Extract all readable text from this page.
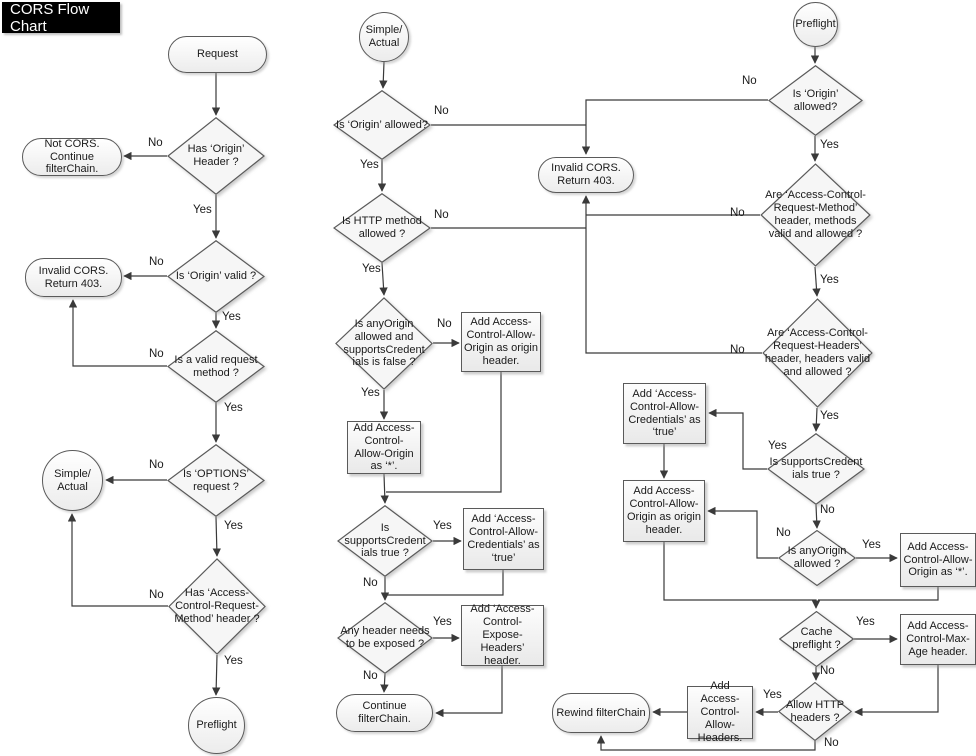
CORS Flow Chart
Request
Has ‘Origin’ Header ?
Not CORS. Continue filterChain.
Is ‘Origin’ valid ?
Invalid CORS. Return 403.
Is a valid request method ?
Is ‘OPTIONS’ request ?
Simple/ Actual
Has ‘Access-Control-Request-Method’ header ?
Preflight
Simple/ Actual
Is ‘Origin’ allowed?
Is HTTP method allowed ?
Invalid CORS. Return 403.
Is anyOrigin allowed and supportsCredent ials is false ?
Add Access-Control-Allow-Origin as origin header.
Add Access-Control-Allow-Origin as ‘*’.
Is supportsCredent ials true ?
Add ‘Access-Control-Allow-Credentials’ as ‘true’
Any header needs to be exposed ?
Add ‘Access-Control-Expose-Headers’ header.
Continue filterChain.
Preflight
Is ‘Origin’ allowed?
Are ‘Access-Control-Request-Method’ header, methods valid and allowed ?
Are ‘Access-Control-Request-Headers’ header, headers valid and allowed ?
Add ‘Access-Control-Allow-Credentials’ as ‘true’
Is supportsCredent ials true ?
Add Access-Control-Allow-Origin as origin header.
Is anyOrigin allowed ?
Add Access-Control-Allow-Origin as ‘*’.
Cache preflight ?
Add Access-Control-Max-Age header.
Allow HTTP headers ?
Add Access-Control-Allow-Headers.
Rewind filterChain
No
Yes
No
Yes
No
Yes
No
Yes
No
Yes
No
Yes
No
Yes
No
Yes
Yes
No
Yes
No
No
Yes
No
Yes
No
Yes
Yes
No
No
Yes
Yes
No
Yes
No
